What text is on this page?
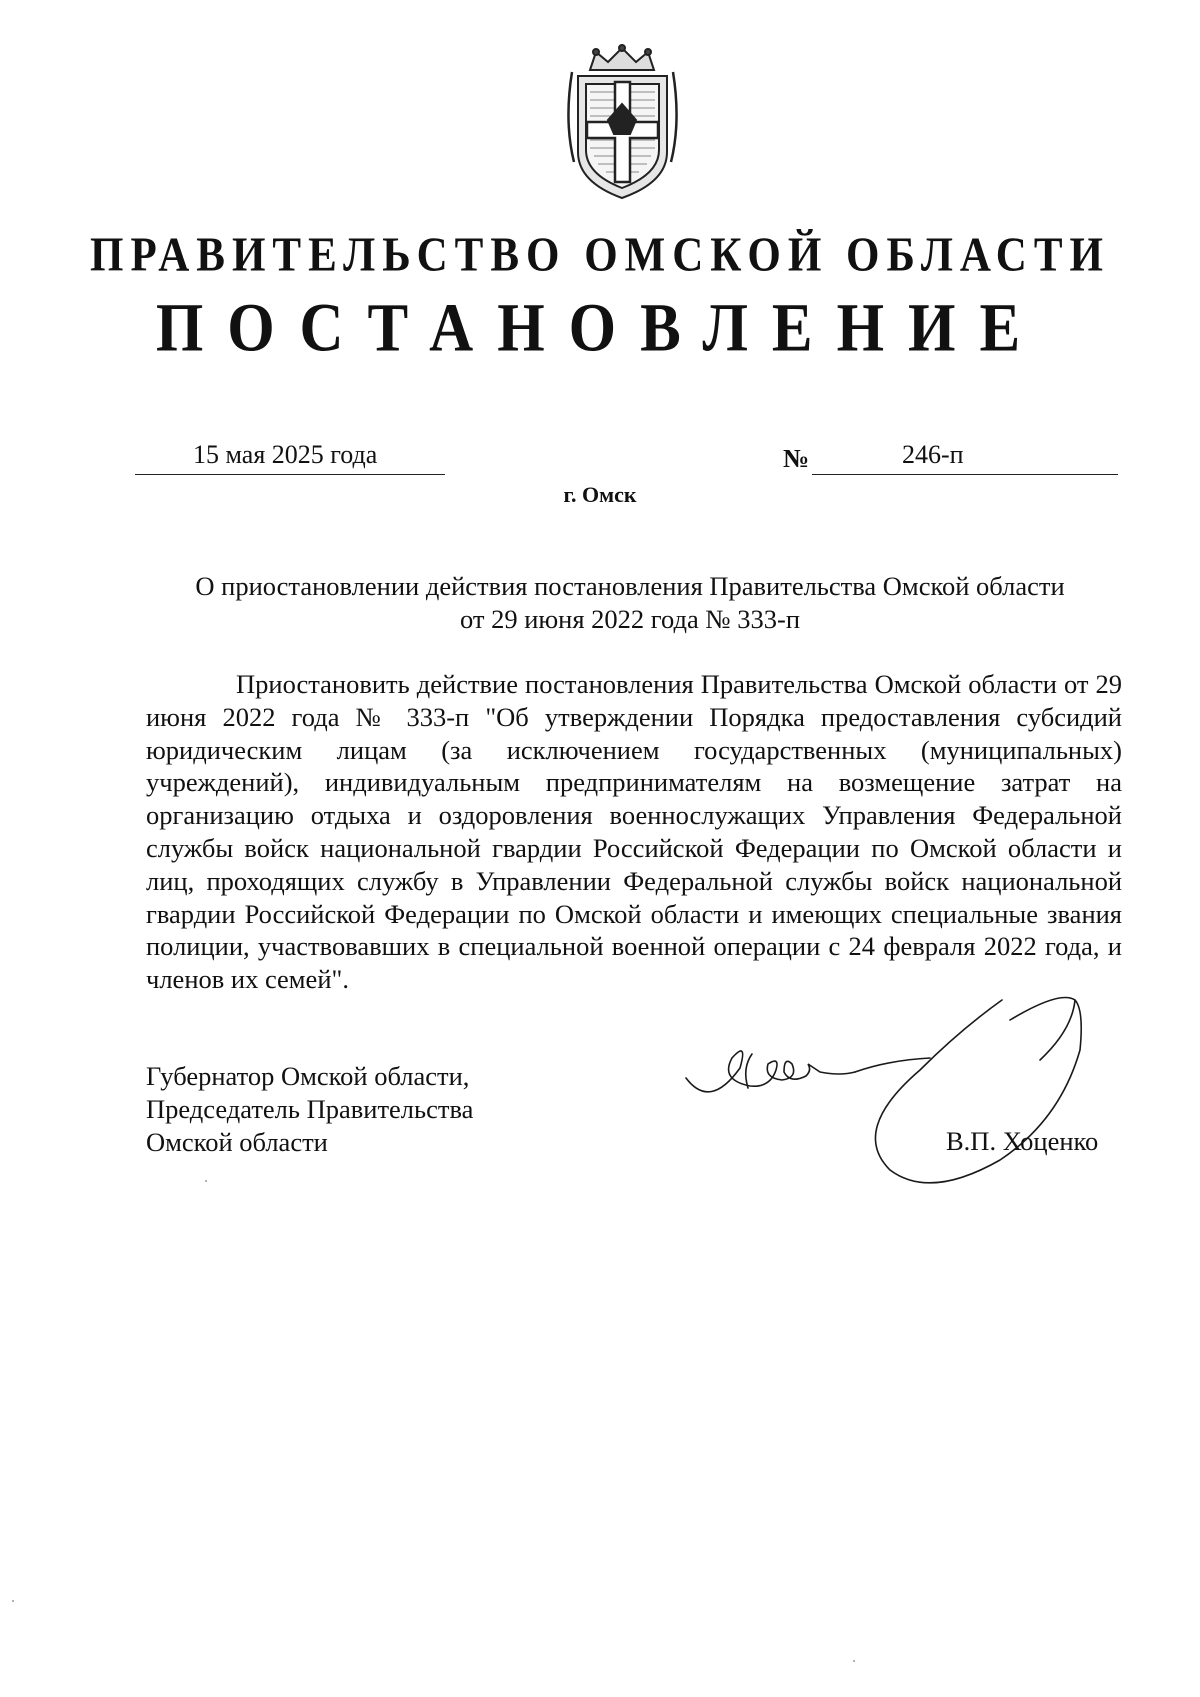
ПРАВИТЕЛЬСТВО ОМСКОЙ ОБЛАСТИ
ПОСТАНОВЛЕНИЕ
15 мая 2025 года	№	246-п
г. Омск
О приостановлении действия постановления Правительства Омской области
от 29 июня 2022 года № 333-п
Приостановить действие постановления Правительства Омской области от 29 июня 2022 года № 333-п "Об утверждении Порядка предоставления субсидий юридическим лицам (за исключением государственных (муниципальных) учреждений), индивидуальным предпринимателям на возмещение затрат на организацию отдыха и оздоровления военнослужащих Управления Федеральной службы войск национальной гвардии Российской Федерации по Омской области и лиц, проходящих службу в Управлении Федеральной службы войск национальной гвардии Российской Федерации по Омской области и имеющих специальные звания полиции, участвовавших в специальной военной операции с 24 февраля 2022 года, и членов их семей".
Губернатор Омской области,
Председатель Правительства
Омской области	В.П. Хоценко
